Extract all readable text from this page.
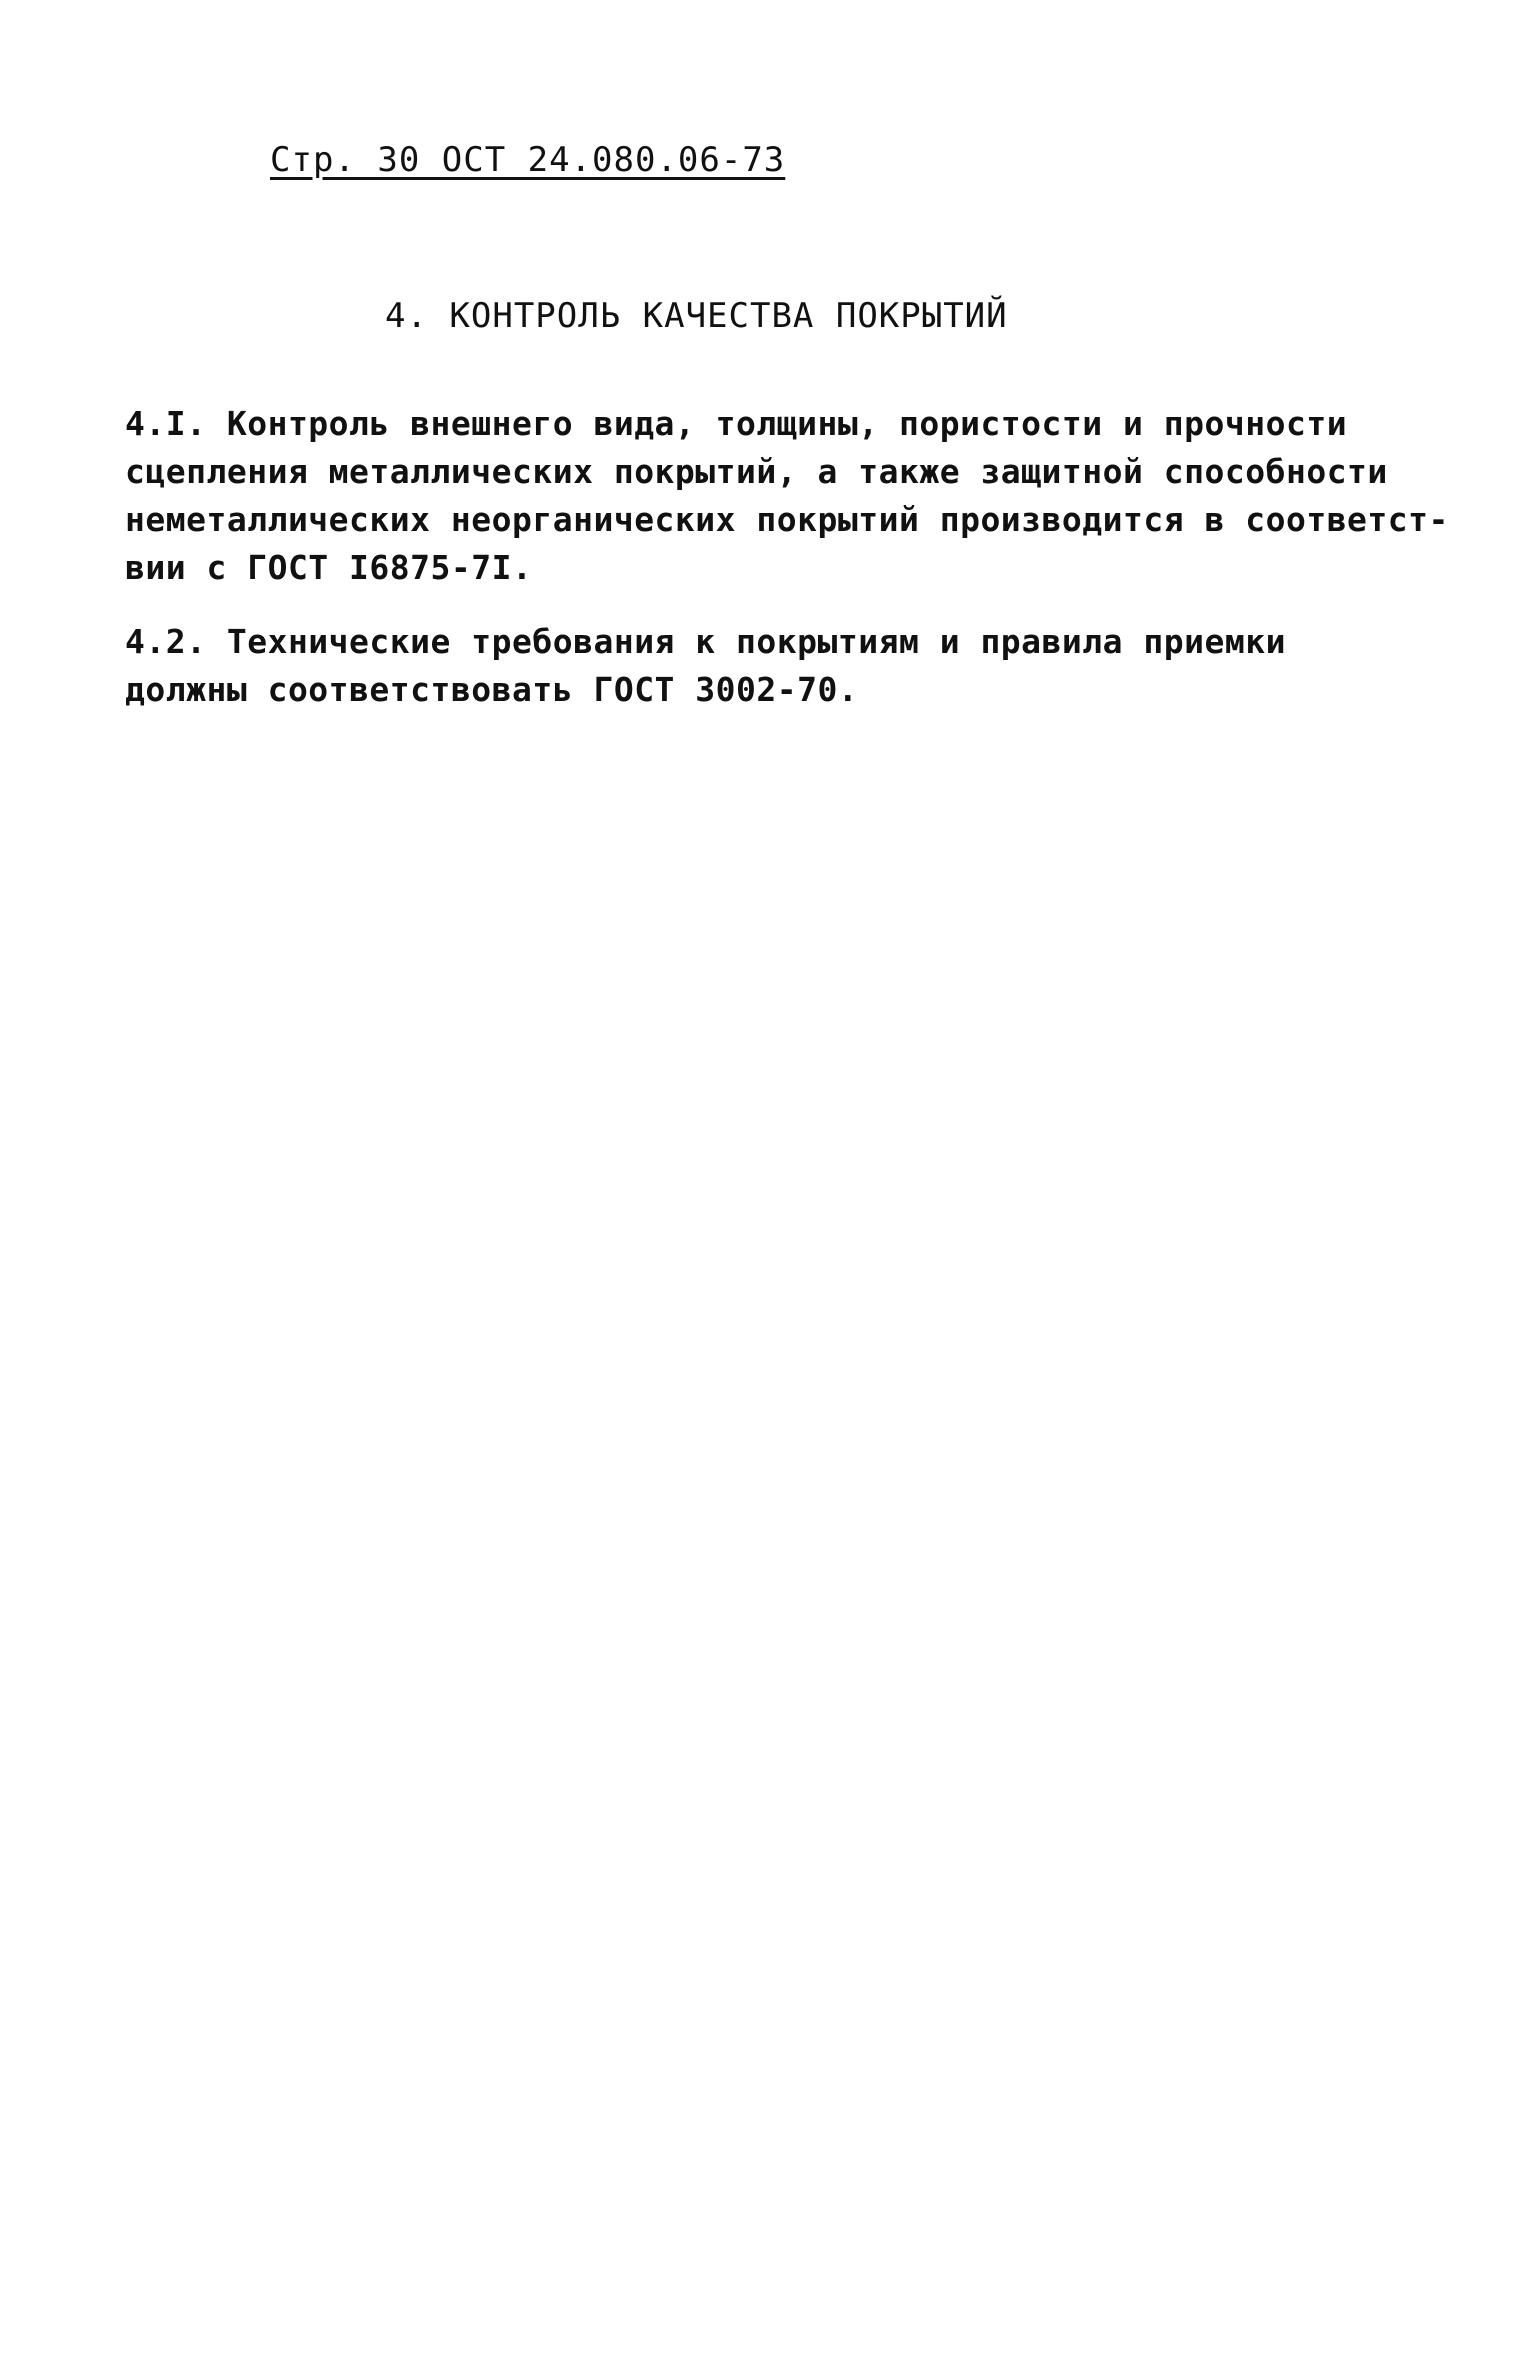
Стр. 30 ОСТ 24.080.06-73
4. КОНТРОЛЬ КАЧЕСТВА ПОКРЫТИЙ

4.I. Контроль внешнего вида, толщины, пористости и прочности
сцепления металлических покрытий, а также защитной способности
неметаллических неорганических покрытий производится в соответст-
вии с ГОСТ I6875-7I.

4.2. Технические требования к покрытиям и правила приемки
должны соответствовать ГОСТ 3002-70.
